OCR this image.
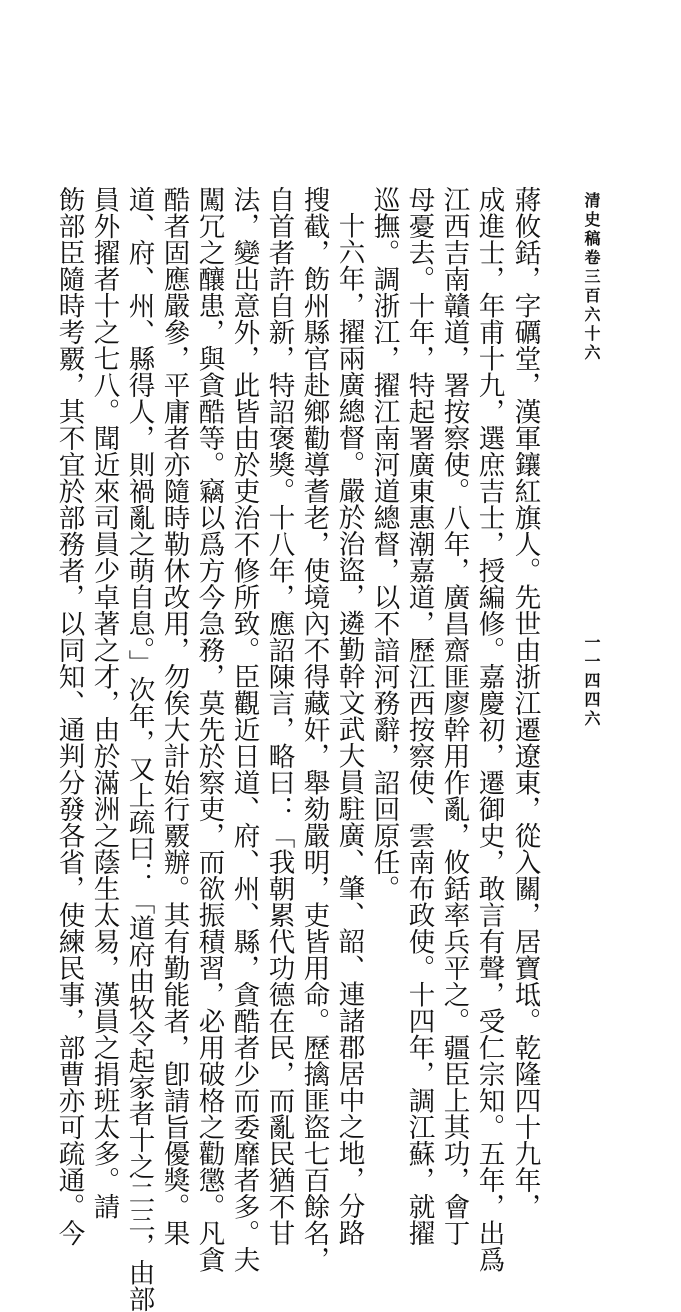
清史稿卷三百六十六
一一四四六
蔣攸銛，字礪堂，漢軍鑲紅旗人。先世由浙江遷遼東，從入關，居寶坻。乾隆四十九年，
成進士，年甫十九，選庶吉士，授編修。嘉慶初，遷御史，敢言有聲，受仁宗知。五年，出爲
江西吉南贛道，署按察使。八年，廣昌齋匪廖幹用作亂，攸銛率兵平之。疆臣上其功，會丁
母憂去。十年，特起署廣東惠潮嘉道，歷江西按察使、雲南布政使。十四年，調江蘇，就擢
巡撫。調浙江，擢江南河道總督，以不諳河務辭，詔回原任。
十六年，擢兩廣總督。嚴於治盜，遴勤幹文武大員駐廣、肇、韶、連諸郡居中之地，分路
搜截，飭州縣官赴鄉勸導耆老，使境內不得藏奸，舉劾嚴明，吏皆用命。歷擒匪盜七百餘名，
自首者許自新，特詔褒獎。十八年，應詔陳言，略曰：「我朝累代功德在民，而亂民猶不甘
法，變出意外，此皆由於吏治不修所致。臣觀近日道、府、州、縣，貪酷者少而委靡者多。夫
闖冗之釀患，與貪酷等。竊以爲方今急務，莫先於察吏，而欲振積習，必用破格之勸懲。凡貪
酷者固應嚴參，平庸者亦隨時勒休改用，勿俟大計始行覈辦。其有勤能者，卽請旨優獎。果
道、府、州、縣得人，則禍亂之萌自息。」次年，又上疏曰：「道府由牧令起家者十之二三，由部
員外擢者十之七八。聞近來司員少卓著之才，由於滿洲之蔭生太易，漢員之捐班太多。請
飭部臣隨時考覈，其不宜於部務者，以同知、通判分發各省，使練民事，部曹亦可疏通。今
